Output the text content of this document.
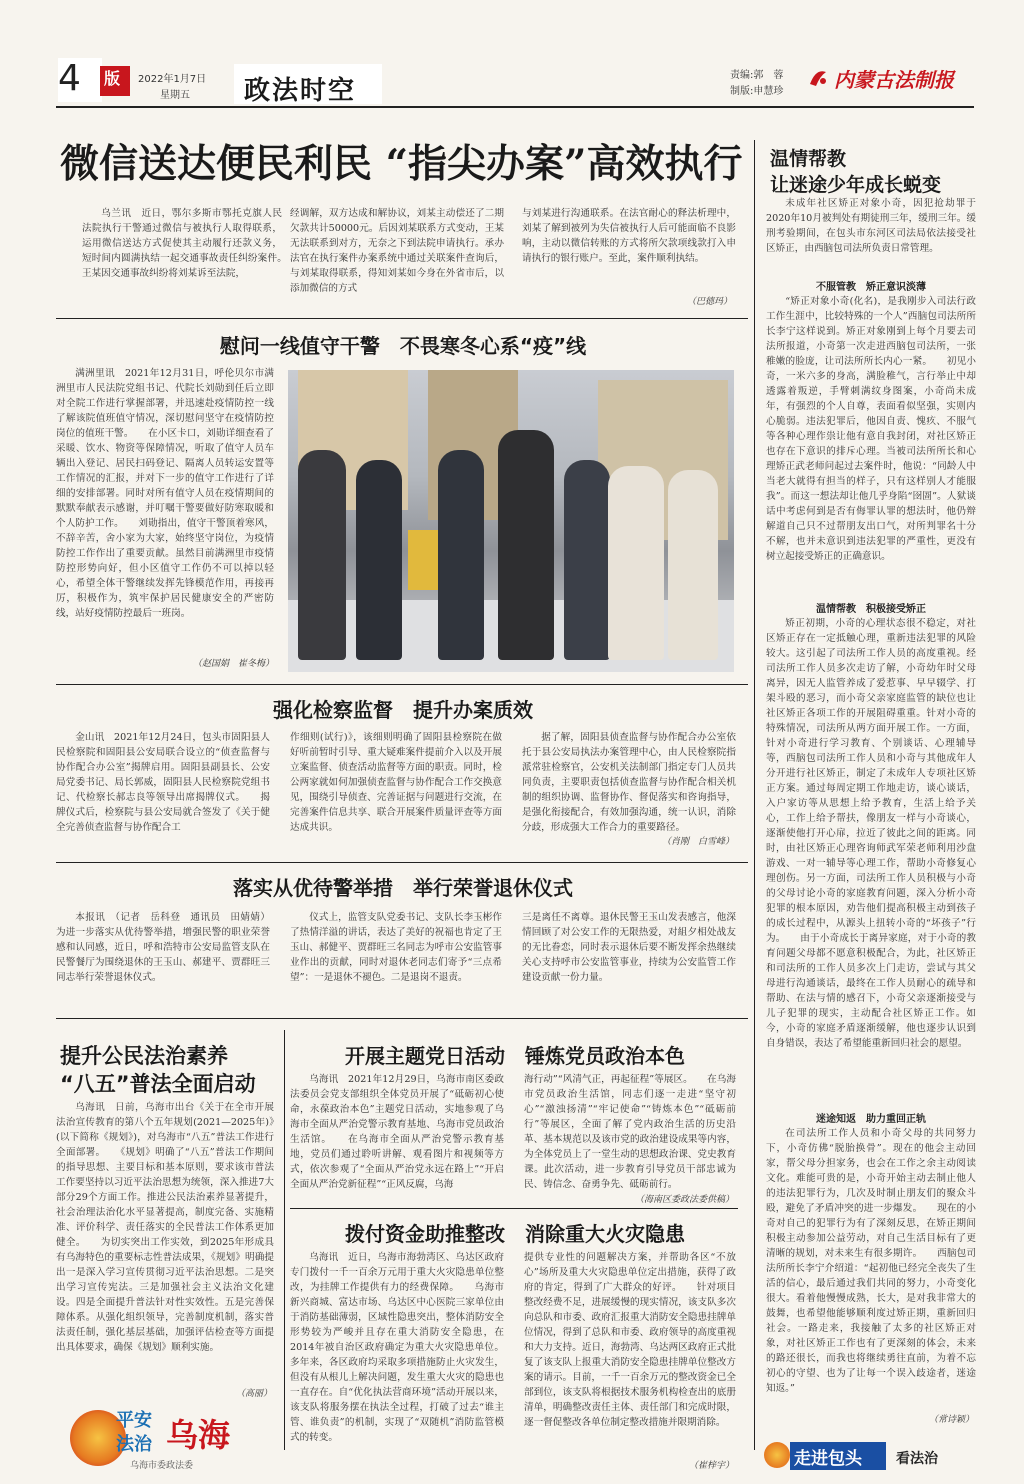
4 版 2022年1月7日
星期五 政法时空
责编:郭　蓉
制版:申慧珍	内蒙古法制报
微信送达便民利民 “指尖办案”高效执行

乌兰讯　近日，鄂尔多斯市鄂托克旗人民法院执行干警通过微信与被执行人取得联系，运用微信送达方式促使其主动履行还款义务，短时间内圆满执结一起交通事故责任纠纷案件。　　王某因交通事故纠纷将刘某诉至法院，

经调解，双方达成和解协议，刘某主动偿还了二期欠款共计50000元。后因刘某联系方式变动，王某无法联系到对方，无奈之下到法院申请执行。承办法官在执行案件办案系统中通过关联案件查询后，与刘某取得联系，得知刘某如今身在外省市后，以添加微信的方式

与刘某进行沟通联系。在法官耐心的释法析理中，刘某了解到被列为失信被执行人后可能面临不良影响，主动以微信转账的方式将所欠款项线款打入申请执行的银行账户。至此，案件顺利执结。

（巴德玛）
慰问一线值守干警　不畏寒冬心系“疫”线

满洲里讯　2021年12月31日，呼伦贝尔市满洲里市人民法院党组书记、代院长刘勋到任后立即对全院工作进行掌握部署，并迅速赴疫情防控一线了解该院值班值守情况，深切慰问坚守在疫情防控岗位的值班干警。　　在小区卡口，刘勋详细查看了采暖、饮水、物资等保障情况，听取了值守人员车辆出入登记、居民扫码登记、隔离人员转运安置等工作情况的汇报，并对下一步的值守工作进行了详细的安排部署。同时对所有值守人员在疫情期间的默默奉献表示感谢，并叮嘱干警要做好防寒取暖和个人防护工作。　　刘勋指出，值守干警顶着寒风，不辞辛苦，舍小家为大家，始终坚守岗位，为疫情防控工作作出了重要贡献。虽然目前满洲里市疫情防控形势向好，但小区值守工作仍不可以掉以轻心，希望全体干警继续发挥先锋模范作用，再接再厉，积极作为，筑牢保护居民健康安全的严密防线，站好疫情防控最后一班岗。

（赵国娟　崔冬梅）
强化检察监督　提升办案质效

金山讯　2021年12月24日，包头市固阳县人民检察院和固阳县公安局联合设立的“侦查监督与协作配合办公室”揭牌启用。固阳县副县长、公安局党委书记、局长郭威，固阳县人民检察院党组书记、代检察长郝志良等领导出席揭牌仪式。　　揭牌仪式后，检察院与县公安局就合签发了《关于健全完善侦查监督与协作配合工

作细则(试行)》，该细则明确了固阳县检察院在做好听前暂时引导、重大疑难案件提前介入以及开展立案监督、侦查活动监督等方面的职责。同时，检公两家就如何加强侦查监督与协作配合工作交换意见，围绕引导侦查、完善证据与问题进行交流，在完善案件信息共享、联合开展案件质量评查等方面达成共识。

据了解，固阳县侦查监督与协作配合办公室依托于县公安局执法办案管理中心，由人民检察院指派常驻检察官，公安机关法制部门指定专门人员共同负责，主要职责包括侦查监督与协作配合相关机制的组织协调、监督协作、督促落实和咨询指导，是强化衔接配合，有效加强沟通，统一认识，消除分歧，形成强大工作合力的重要路径。

（肖刚　白雪峰）
落实从优待警举措　举行荣誉退休仪式

本报讯　（记者　岳科登　通讯员　田婧婧）为进一步落实从优待警举措，增强民警的职业荣誉感和认同感，近日，呼和浩特市公安局监管支队在民警餐厅为围绕退休的王玉山、郝建平、贾群旺三同志举行荣誉退休仪式。

仪式上，监管支队党委书记、支队长李玉彬作了热情洋溢的讲话，表达了美好的祝福也肯定了王玉山、郝健平、贾群旺三名同志为呼市公安监管事业作出的贡献，同时对退休老同志们寄予“三点希望”：一是退休不褪色。二是退岗不退责。

三是离任不离尊。退休民警王玉山发表感言，他深情回顾了对公安工作的无限热爱，对組夕相处战友的无比眷恋，同时表示退休后要不断发挥余热继续关心支持呼市公安监管事业，持续为公安监管工作建设贡献一份力量。

提升公民法治素养
“八五”普法全面启动

乌海讯　日前，乌海市出台《关于在全市开展法治宣传教育的第八个五年规划(2021—2025年)》(以下简称《规划》)，对乌海市“八五”普法工作进行全面部署。　　《规划》明确了“八五”普法工作期间的指导思想、主要目标和基本原则，要求该市普法工作要坚持以习近平法治思想为统领，深入推进7大部分29个方面工作。推进公民法治素养显著提升，社会治理法治化水平显著提高，制度完备、实施精准、评价科学、责任落实的全民普法工作体系更加健全。　　为切实突出工作实效，到2025年形成具有乌海特色的重要标志性普法成果，《规划》明确提出一是深入学习宣传贯彻习近平法治思想。二是突出学习宣传宪法。三是加强社会主义法治文化建设。四是全面提升普法针对性实效性。五是完善保障体系。从强化组织领导，完善制度机制，落实普法责任制，强化基层基础，加强评估检查等方面提出具体要求，确保《规划》顺利实施。

（高丽）
平安
法治 乌海
乌海市委政法委
开展主题党日活动　锤炼党员政治本色

乌海讯　2021年12月29日，乌海市南区委政法委员会党支部组织全体党员开展了“砥砺初心使命，永葆政治本色”主题党日活动，实地参观了乌海市全面从严治党警示教育基地、乌海市党员政治生活馆。　　在乌海市全面从严治党警示教育基地，党员们通过聆听讲解、观看图片和视频等方式，依次参观了“全面从严治党永远在路上”“开启全面从严治党新征程”“正风反腐，乌海

海行动”“风清气正，再起征程”等展区。　　在乌海市党员政治生活馆，同志们逐一走进“坚守初心”“激浊扬清”“牢记使命”“铸炼本色”“砥砺前行”等展区，全面了解了党内政治生活的历史沿革、基本规范以及该市党的政治建设成果等内容，为全体党员上了一堂生动的思想政治课、党史教育课。此次活动，进一步教育引导党员干部忠诚为民、铸信念、奋勇争先、砥砺前行。

（海南区委政法委供稿）
拨付资金助推整改　消除重大火灾隐患

乌海讯　近日，乌海市海勃湾区、乌达区政府专门拨付一千一百余万元用于重大火灾隐患单位整改，为挂牌工作提供有力的经费保障。　　乌海市新兴商城、富达市场、乌达区中心医院三家单位由于消防基础薄弱，区域性隐患突出，整体消防安全形势较为严峻并且存在重大消防安全隐患，在2014年被自治区政府确定为重大火灾隐患单位。多年来，各区政府均采取多项措施防止火灾发生，但没有从根儿上解决问题，发生重大火灾的隐患也一直存在。自“优化执法营商环境”活动开展以来，该支队将服务摆在执法全过程，打破了过去“谁主管、谁负责”的机制，实现了“双随机”消防监管模式的转变。

提供专业性的问题解决方案，并帮助各区“不放心”场所及重大火灾隐患单位定出措施，获得了政府的肯定，得到了广大群众的好评。　　针对项目整改经费不足，进展缓慢的现实情况，该支队多次向总队和市委、政府汇报重大消防安全隐患挂牌单位情况，得到了总队和市委、政府领导的高度重视和大力支持。近日，海勃湾、乌达两区政府正式批复了该支队上报重大消防安全隐患挂牌单位整改方案的请示。目前，一千一百余万元的整改资金已全部到位，该支队将根据技术服务机构检查出的底册清单，明确整改责任主体、责任部门和完成时限，逐一督促整改各单位制定整改措施并限期消除。

（崔梓宇）
温情帮教
让迷途少年成长蜕变

未成年社区矫正对象小奇，因犯抢劫罪于2020年10月被判处有期徒刑三年，缓刑三年。缓刑考验期间，在包头市东河区司法局依法接受社区矫正，由西脑包司法所负责日常管理。

不服管教　矫正意识淡薄

“矫正对象小奇(化名)，是我刚步入司法行政工作生涯中，比较特殊的一个人”西脑包司法所所长李宁这样说到。矫正对象刚到上每个月要去司法所报道，小奇第一次走进西脑包司法所，一张稚嫩的脸庞，让司法所所长内心一紧。　　初见小奇，一米六多的身高，满脸稚气，言行举止中却透露着叛逆，手臂刺满纹身图案，小奇尚未成年，有强烈的个人自尊，表面看似坚强，实则内心脆弱。违法犯罪后，他因自责、愧疚、不服气等各种心理作祟让他有意自我封闭，对社区矫正也存在下意识的排斥心理。当被司法所所长和心理矫正武老师问起过去案件时，他说：“同龄人中当老大就得有担当的样子，只有这样别人才能服我”。而这一想法却让他几乎身陷“囹圄”。人狱谈话中考虑何到是否有侮罪认罪的想法时，他仍辩解道自己只不过帮朋友出口气，对所判罪名十分不解，也并未意识到违法犯罪的严重性，更没有树立起接受矫正的正确意识。

温情帮教　积极接受矫正

矫正初期，小奇的心理状态很不稳定，对社区矫正存在一定抵触心理，重新违法犯罪的风险较大。这引起了司法所工作人员的高度重视。经司法所工作人员多次走访了解，小奇幼年时父母离异，因无人监管养成了爱惹事、早早辍学、打架斗殴的恶习，而小奇父亲家庭监管的缺位也让社区矫正各项工作的开展阻碍重重。针对小奇的特殊情况，司法所从两方面开展工作。一方面，针对小奇进行学习教育、个别谈话、心理辅导等，西脑包司法所工作人员和小奇与其他成年人分开进行社区矫正，制定了未成年人专项社区矫正方案。通过每周定期工作地走访，谈心谈话，入户家访等从思想上给予教育，生活上给予关心，工作上给予帮扶，像朋友一样与小奇谈心，逐渐使他打开心扉，拉近了彼此之间的距离。同时，由社区矫正心理咨询师武军荣老师利用沙盘游戏、一对一辅导等心理工作，帮助小奇修复心理创伤。另一方面，司法所工作人员积极与小奇的父母讨论小奇的家庭教育问题，深入分析小奇犯罪的根本原因，劝告他们提高积极主动到孩子的成长过程中，从源头上扭转小奇的“坏孩子”行为。　　由于小奇成长于离异家庭，对于小奇的教育问题父母都不愿意积极配合，为此，社区矫正和司法所的工作人员多次上门走访，尝试与其父母进行沟通谈话，最终在工作人员耐心的疏导和帮助、在法与情的感召下，小奇父亲逐渐接受与儿子犯罪的现实，主动配合社区矫正工作。如今，小奇的家庭矛盾逐渐缓解，他也逐步认识到自身错误，表达了希望能重新回归社会的愿望。

迷途知返　助力重回正轨

在司法所工作人员和小奇父母的共同努力下，小奇仿佛“脱胎换骨”。现在的他会主动回家，帮父母分担家务，也会在工作之余主动阅读文化。难能可贵的是，小奇开始主动去制止他人的违法犯罪行为，几次及时制止朋友们的聚众斗殴，避免了矛盾冲突的进一步爆发。　　现在的小奇对自己的犯罪行为有了深刻反思，在矫正期间积极主动参加公益劳动，对自己生活目标有了更清晰的规划，对未来生有很多期许。　　西脑包司法所所长李宁介绍道：“起初他已经完全丧失了生活的信心，最后通过我们共同的努力，小奇变化很大。看着他慢慢成熟，长大，是对我非常大的鼓舞，也希望他能够顺利度过矫正期，重新回归社会。一路走来，我接触了太多的社区矫正对象，对社区矫正工作也有了更深刻的体会，未来的路还很长，而我也将继续勇往直前，为着不忘初心的守望、也为了让每一个误入歧途者，迷途知返。”

（常诗颖）
走进包头 看法治
